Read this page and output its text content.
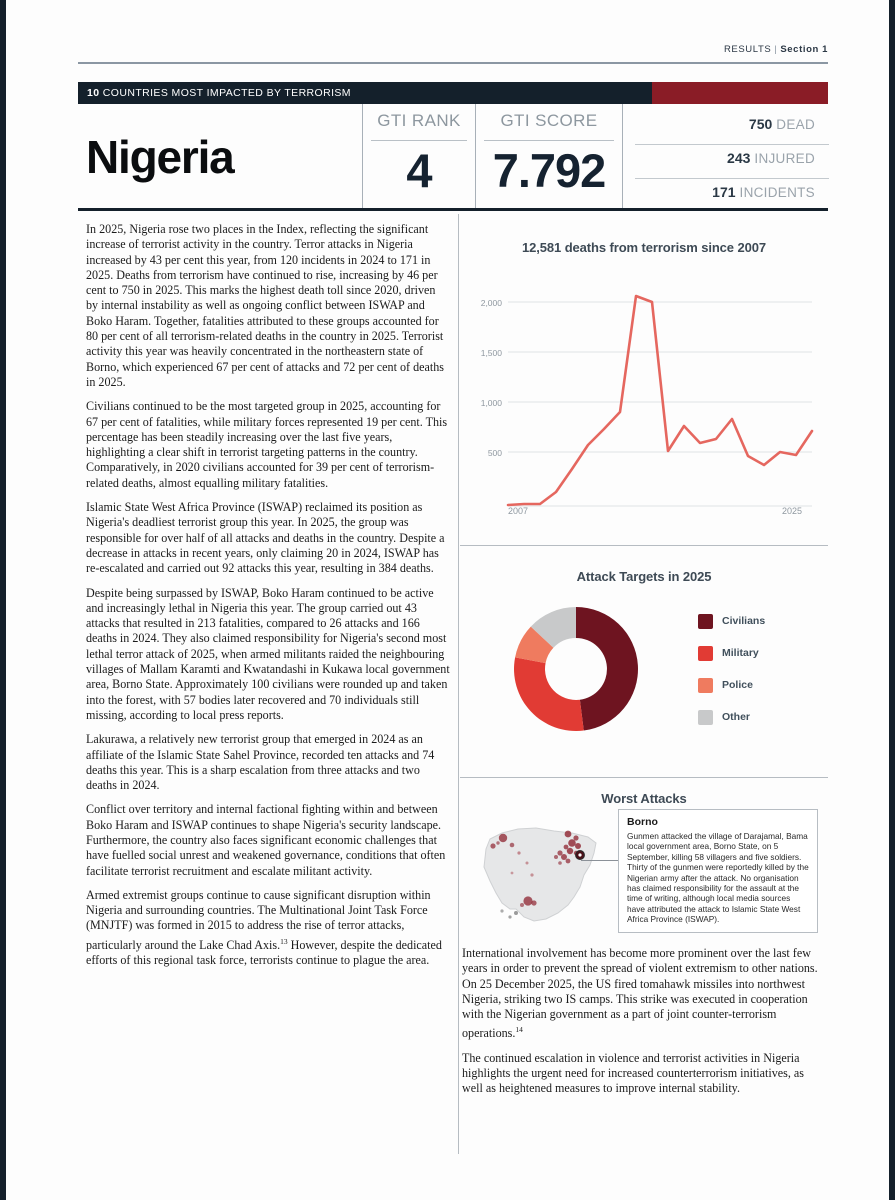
RESULTS | Section 1
10 COUNTRIES MOST IMPACTED BY TERRORISM
Nigeria
GTI RANK
4
GTI SCORE
7.792
750 DEAD
243 INJURED
171 INCIDENTS

In 2025, Nigeria rose two places in the Index, reflecting the significant increase of terrorist activity in the country. Terror attacks in Nigeria increased by 43 per cent this year, from 120 incidents in 2024 to 171 in 2025. Deaths from terrorism have continued to rise, increasing by 46 per cent to 750 in 2025. This marks the highest death toll since 2020, driven by internal instability as well as ongoing conflict between ISWAP and Boko Haram. Together, fatalities attributed to these groups accounted for 80 per cent of all terrorism-related deaths in the country in 2025. Terrorist activity this year was heavily concentrated in the northeastern state of Borno, which experienced 67 per cent of attacks and 72 per cent of deaths in 2025.

Civilians continued to be the most targeted group in 2025, accounting for 67 per cent of fatalities, while military forces represented 19 per cent. This percentage has been steadily increasing over the last five years, highlighting a clear shift in terrorist targeting patterns in the country. Comparatively, in 2020 civilians accounted for 39 per cent of terrorism-related deaths, almost equalling military fatalities.

Islamic State West Africa Province (ISWAP) reclaimed its position as Nigeria's deadliest terrorist group this year. In 2025, the group was responsible for over half of all attacks and deaths in the country. Despite a decrease in attacks in recent years, only claiming 20 in 2024, ISWAP has re-escalated and carried out 92 attacks this year, resulting in 384 deaths.

Despite being surpassed by ISWAP, Boko Haram continued to be active and increasingly lethal in Nigeria this year. The group carried out 43 attacks that resulted in 213 fatalities, compared to 26 attacks and 166 deaths in 2024. They also claimed responsibility for Nigeria's second most lethal terror attack of 2025, when armed militants raided the neighbouring villages of Mallam Karamti and Kwatandashi in Kukawa local government area, Borno State. Approximately 100 civilians were rounded up and taken into the forest, with 57 bodies later recovered and 70 individuals still missing, according to local press reports.

Lakurawa, a relatively new terrorist group that emerged in 2024 as an affiliate of the Islamic State Sahel Province, recorded ten attacks and 74 deaths this year. This is a sharp escalation from three attacks and two deaths in 2024.

Conflict over territory and internal factional fighting within and between Boko Haram and ISWAP continues to shape Nigeria's security landscape. Furthermore, the country also faces significant economic challenges that have fuelled social unrest and weakened governance, conditions that often facilitate terrorist recruitment and escalate militant activity.

Armed extremist groups continue to cause significant disruption within Nigeria and surrounding countries. The Multinational Joint Task Force (MNJTF) was formed in 2015 to address the rise of terror attacks, particularly around the Lake Chad Axis.$^{13}$ However, despite the dedicated efforts of this regional task force, terrorists continue to plague the area.

12,581 deaths from terrorism since 2007
2,000
1,500
1,000
500
2007	2025
Attack Targets in 2025
Civilians
Military
Police
Other
Worst Attacks
Borno
Gunmen attacked the village of Darajamal, Bama local government area, Borno State, on 5 September, killing 58 villagers and five soldiers. Thirty of the gunmen were reportedly killed by the Nigerian army after the attack. No organisation has claimed responsibility for the assault at the time of writing, although local media sources have attributed the attack to Islamic State West Africa Province (ISWAP).

International involvement has become more prominent over the last few years in order to prevent the spread of violent extremism to other nations. On 25 December 2025, the US fired tomahawk missiles into northwest Nigeria, striking two IS camps. This strike was executed in cooperation with the Nigerian government as a part of joint counter-terrorism operations.$^{14}$

The continued escalation in violence and terrorist activities in Nigeria highlights the urgent need for increased counterterrorism initiatives, as well as heightened measures to improve internal stability.
